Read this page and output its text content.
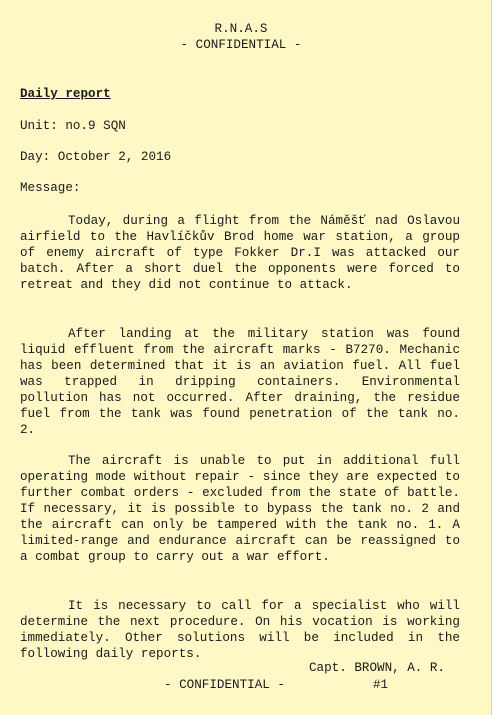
R.N.A.S
- CONFIDENTIAL -
Daily report
Unit: no.9 SQN
Day: October 2, 2016
Message:
Today, during a flight from the Náměšť nad Oslavou airfield to the Havlíčkův Brod home war station, a group of enemy aircraft of type Fokker Dr.I was attacked our batch. After a short duel the opponents were forced to retreat and they did not continue to attack.
After landing at the military station was found liquid effluent from the aircraft marks - B7270. Mechanic has been determined that it is an aviation fuel. All fuel was trapped in dripping containers. Environmental pollution has not occurred. After draining, the residue fuel from the tank was found penetration of the tank no. 2.
The aircraft is unable to put in additional full operating mode without repair - since they are expected to further combat orders - excluded from the state of battle. If necessary, it is possible to bypass the tank no. 2 and the aircraft can only be tampered with the tank no. 1. A limited-range and endurance aircraft can be reassigned to a combat group to carry out a war effort.
It is necessary to call for a specialist who will determine the next procedure. On his vocation is working immediately. Other solutions will be included in the following daily reports.
Capt. BROWN, A. R.
- CONFIDENTIAL -	#1
